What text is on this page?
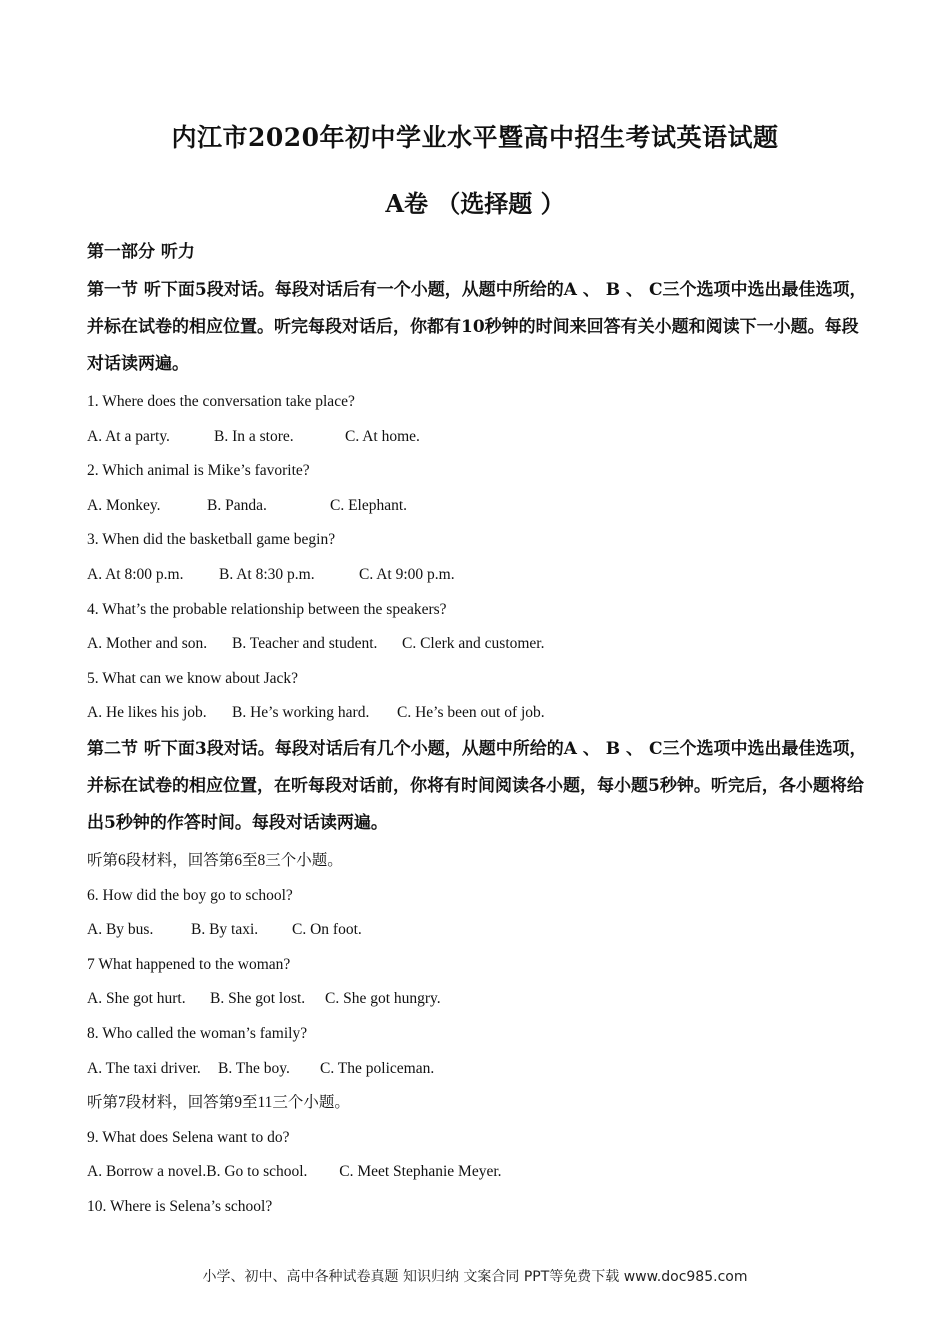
内江市2020年初中学业水平暨高中招生考试英语试题
A卷 （选择题 ）
第一部分 听力
第一节 听下面5段对话。每段对话后有一个小题，从题中所给的A 、 B 、 C三个选项中选出最佳选项，并标在试卷的相应位置。听完每段对话后，你都有10秒钟的时间来回答有关小题和阅读下一小题。每段对话读两遍。
1. Where does the conversation take place?
A. At a party.	B. In a store.	C. At home.
2. Which animal is Mike’s favorite?
A. Monkey.	B. Panda.	C. Elephant.
3. When did the basketball game begin?
A. At 8:00 p.m.	B. At 8:30 p.m.	C. At 9:00 p.m.
4. What’s the probable relationship between the speakers?
A. Mother and son.	B. Teacher and student.	C. Clerk and customer.
5. What can we know about Jack?
A. He likes his job.	B. He’s working hard.	C. He’s been out of job.
第二节 听下面3段对话。每段对话后有几个小题，从题中所给的A 、 B 、 C三个选项中选出最佳选项，并标在试卷的相应位置，在听每段对话前，你将有时间阅读各小题，每小题5秒钟。听完后，各小题将给出5秒钟的作答时间。每段对话读两遍。
听第6段材料，回答第6至8三个小题。
6. How did the boy go to school?
A. By bus.	B. By taxi.	C. On foot.
7 What happened to the woman?
A. She got hurt.	B. She got lost.	C. She got hungry.
8. Who called the woman’s family?
A. The taxi driver.	B. The boy.	C. The policeman.
听第7段材料，回答第9至11三个小题。
9. What does Selena want to do?
A. Borrow a novel. B. Go to school.	C. Meet Stephanie Meyer.
10. Where is Selena’s school?
小学、初中、高中各种试卷真题 知识归纳 文案合同 PPT等免费下载 www.doc985.com
